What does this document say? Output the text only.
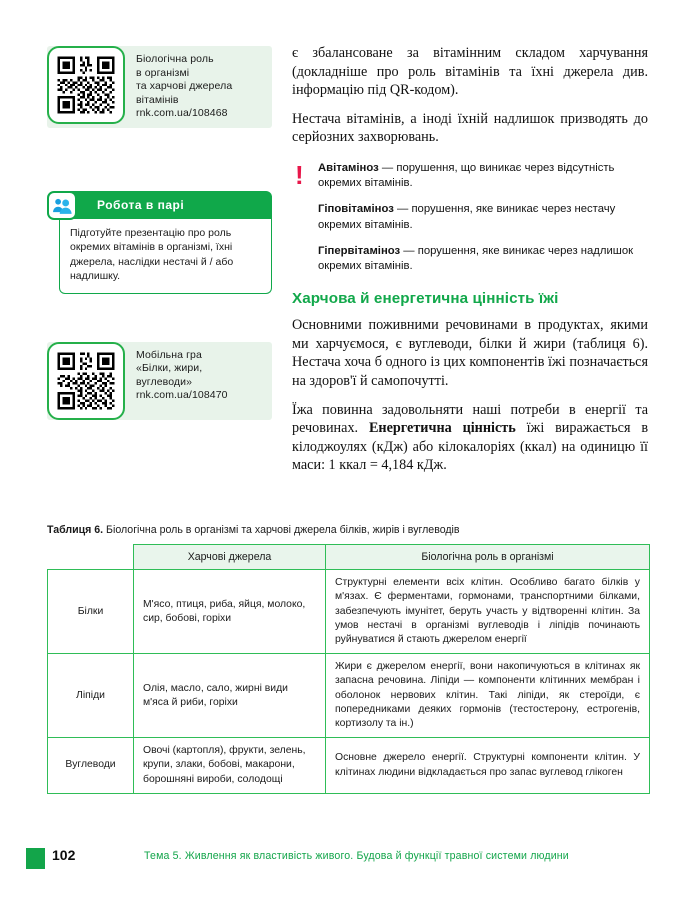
Біологічна роль
в організмі
та харчові джерела
вітамінів
rnk.com.ua/108468
Робота в парі
Підготуйте презентацію про роль окремих вітамінів в організмі, їхні джерела, наслідки нестачі й / або надлишку.
Мобільна гра
«Білки, жири,
вуглеводи»
rnk.com.ua/108470

є збалансоване за вітамінним складом харчування (докладніше про роль вітамінів та їхні джерела див. інформацію під QR-кодом).

Нестача вітамінів, а іноді їхній надлишок призводять до серйозних захворювань.

! Авітаміноз — порушення, що виникає через відсутність окремих вітамінів.
Гіповітаміноз — порушення, яке виникає через нестачу окремих вітамінів.
Гіпервітаміноз — порушення, яке виникає через надлишок окремих вітамінів.
Харчова й енергетична цінність їжі

Основними поживними речовинами в продуктах, якими ми харчуємося, є вуглеводи, білки й жири (таблиця 6). Нестача хоча б одного із цих компонентів їжі позначається на здоров'ї й самопочутті.

Їжа повинна задовольняти наші потреби в енергії та речовинах. Енергетична цінність їжі виражається в кілоджоулях (кДж) або кілокалоріях (ккал) на одиницю її маси: 1 ккал = 4,184 кДж.

Таблиця 6. Біологічна роль в організмі та харчові джерела білків, жирів і вуглеводів
	Харчові джерела	Біологічна роль в організмі
Білки	М'ясо, птиця, риба, яйця, молоко, сир, бобові, горіхи	Структурні елементи всіх клітин. Особливо багато білків у м'язах. Є ферментами, гормонами, транспортними білками, забезпечують імунітет, беруть участь у відтворенні клітин. За умов нестачі в організмі вуглеводів і ліпідів починають руйнуватися й стають джерелом енергії
Ліпіди	Олія, масло, сало, жирні види м'яса й риби, горіхи	Жири є джерелом енергії, вони накопичуються в клітинах як запасна речовина. Ліпіди — компоненти клітинних мембран і оболонок нервових клітин. Такі ліпіди, як стероїди, є попередниками деяких гормонів (тестостерону, естрогенів, кортизолу та ін.)
Вуглеводи	Овочі (картопля), фрукти, зелень, крупи, злаки, бобові, макарони, борошняні вироби, солодощі	Основне джерело енергії. Структурні компоненти клітин. У клітинах людини відкладається про запас вуглевод глікоген
102	Тема 5. Живлення як властивість живого. Будова й функції травної системи людини
